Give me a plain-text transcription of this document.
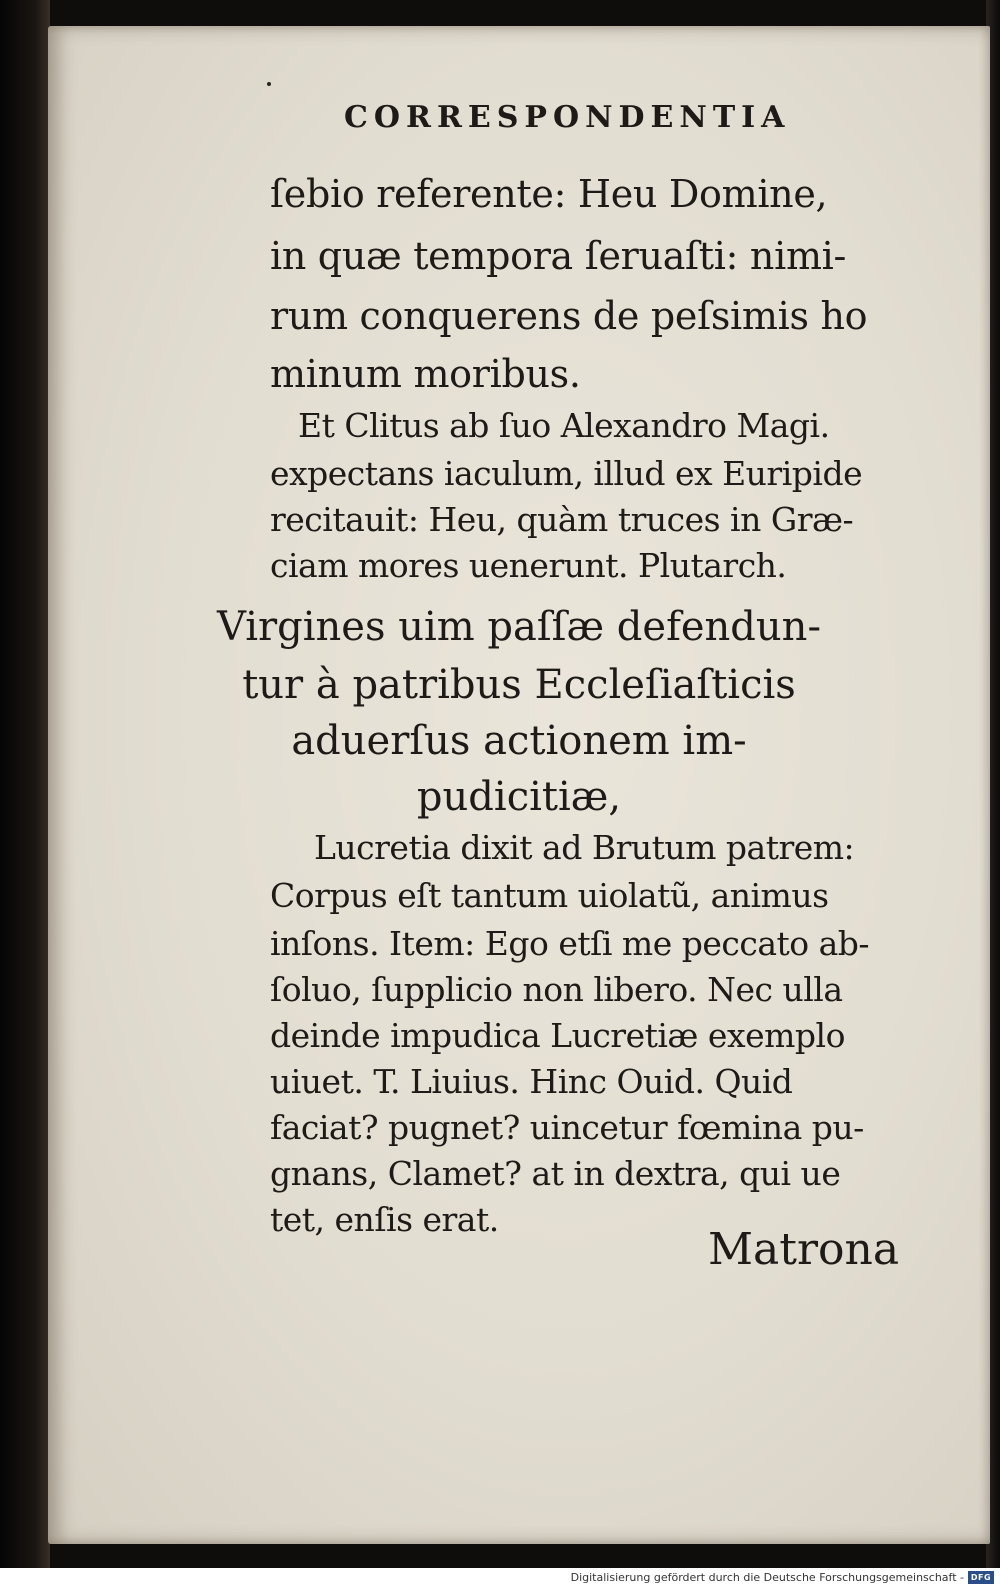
CORRESPONDENTIA
ſebio referente: Heu Domine,
in quæ tempora ſeruaſti: nimi-
rum conquerens de peſsimis ho
minum moribus.
Et Clitus ab ſuo Alexandro Magi.
expectans iaculum, illud ex Euripide
recitauit: Heu, quàm truces in Græ-
ciam mores uenerunt. Plutarch.
Virgines uim paſſæ defendun-
tur à patribus Eccleſiaſticis
aduerſus actionem im-
pudicitiæ,
Lucretia dixit ad Brutum patrem:
Corpus eſt tantum uiolatũ, animus
inſons. Item: Ego etſi me peccato ab-
ſoluo, ſupplicio non libero. Nec ulla
deinde impudica Lucretiæ exemplo
uiuet. T. Liuius. Hinc Ouid. Quid
faciat? pugnet? uincetur fœmina pu-
gnans, Clamet? at in dextra, qui ue
tet, enſis erat.
Matrona
Digitalisierung gefördert durch die Deutsche Forschungsgemeinschaft - DFG
